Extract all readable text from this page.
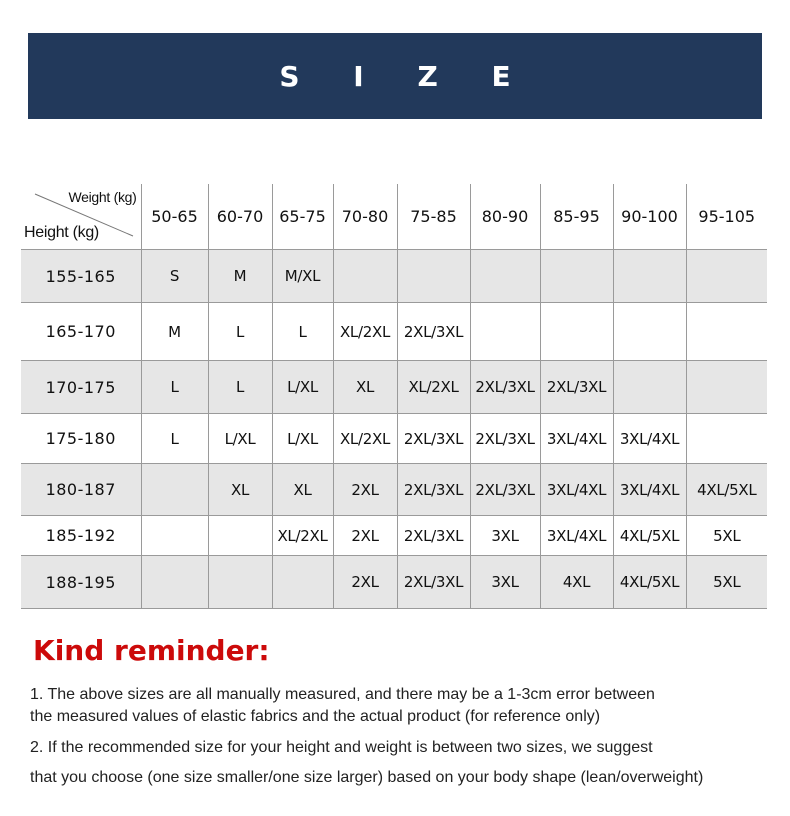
S I Z E
Weight (kg)
Height (kg)	50-65	60-70	65-75	70-80	75-85	80-90	85-95	90-100	95-105
155-165	S	M	M/XL						
165-170	M	L	L	XL/2XL	2XL/3XL				
170-175	L	L	L/XL	XL	XL/2XL	2XL/3XL	2XL/3XL		
175-180	L	L/XL	L/XL	XL/2XL	2XL/3XL	2XL/3XL	3XL/4XL	3XL/4XL	
180-187		XL	XL	2XL	2XL/3XL	2XL/3XL	3XL/4XL	3XL/4XL	4XL/5XL
185-192			XL/2XL	2XL	2XL/3XL	3XL	3XL/4XL	4XL/5XL	5XL
188-195				2XL	2XL/3XL	3XL	4XL	4XL/5XL	5XL
Kind reminder:
1. The above sizes are all manually measured, and there may be a 1-3cm error between
the measured values of elastic fabrics and the actual product (for reference only)
2. If the recommended size for your height and weight is between two sizes, we suggest
that you choose (one size smaller/one size larger) based on your body shape (lean/overweight)
